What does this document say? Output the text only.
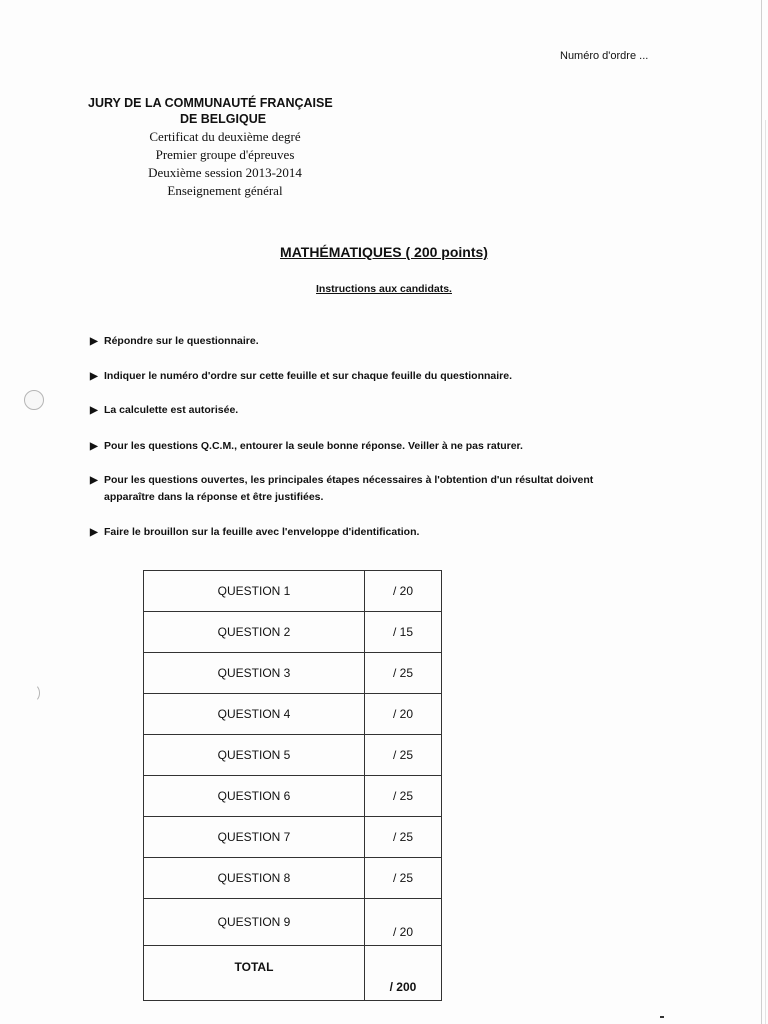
Numéro d'ordre ...
JURY DE LA COMMUNAUTÉ FRANÇAISE
DE BELGIQUE
Certificat du deuxième degré
Premier groupe d'épreuves
Deuxième session 2013-2014
Enseignement général
MATHÉMATIQUES ( 200 points)
Instructions aux candidats.
▶ Répondre sur le questionnaire.
▶ Indiquer le numéro d'ordre sur cette feuille et sur chaque feuille du questionnaire.
▶ La calculette est autorisée.
▶ Pour les questions Q.C.M., entourer la seule bonne réponse. Veiller à ne pas raturer.
▶ Pour les questions ouvertes, les principales étapes nécessaires à l'obtention d'un résultat doivent apparaître dans la réponse et être justifiées.
▶ Faire le brouillon sur la feuille avec l'enveloppe d'identification.
QUESTION 1	/ 20
QUESTION 2	/ 15
QUESTION 3	/ 25
QUESTION 4	/ 20
QUESTION 5	/ 25
QUESTION 6	/ 25
QUESTION 7	/ 25
QUESTION 8	/ 25
QUESTION 9	/ 20
TOTAL	/ 200
